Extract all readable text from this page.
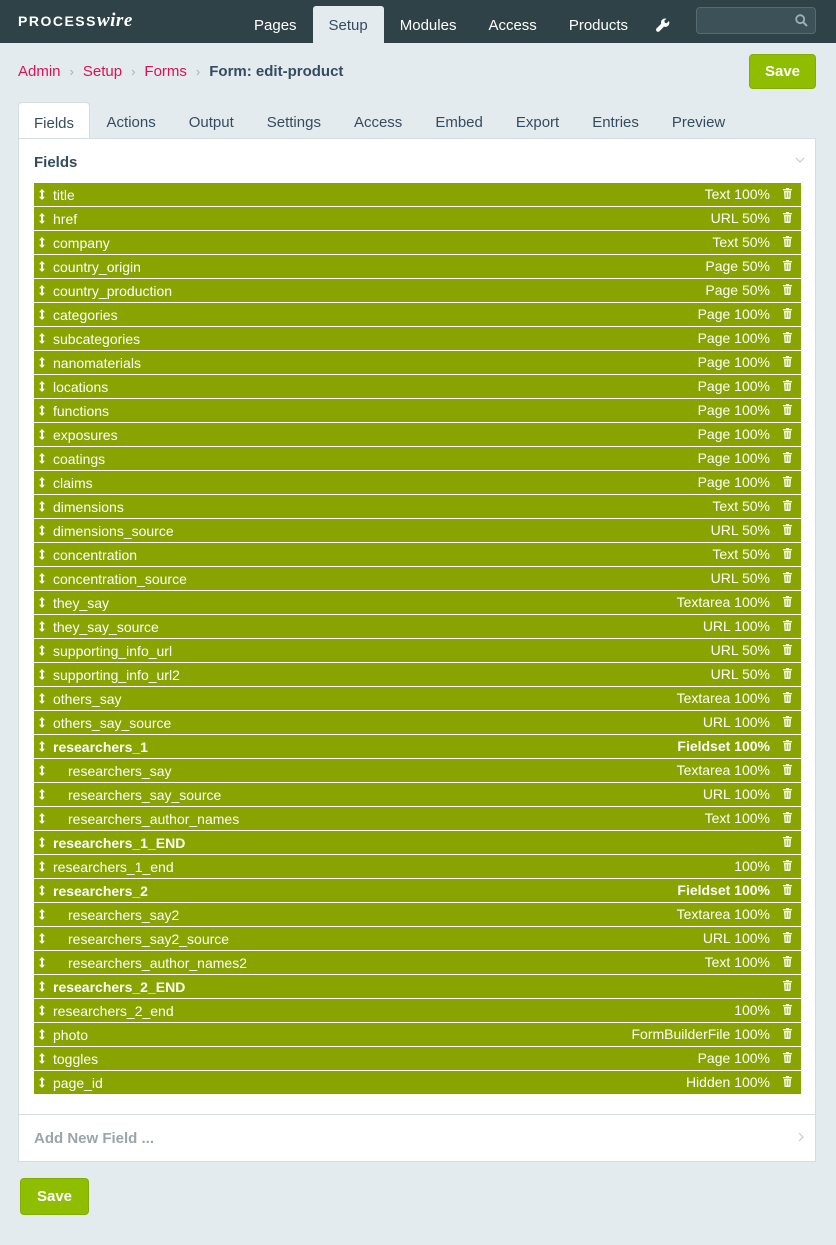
PROCESS wire	Pages	Setup	Modules	Access	Products
Admin › Setup › Forms › Form: edit-product	Save
Fields	Actions	Output	Settings	Access	Embed	Export	Entries	Preview
Fields
title	Text 100%
href	URL 50%
company	Text 50%
country_origin	Page 50%
country_production	Page 50%
categories	Page 100%
subcategories	Page 100%
nanomaterials	Page 100%
locations	Page 100%
functions	Page 100%
exposures	Page 100%
coatings	Page 100%
claims	Page 100%
dimensions	Text 50%
dimensions_source	URL 50%
concentration	Text 50%
concentration_source	URL 50%
they_say	Textarea 100%
they_say_source	URL 100%
supporting_info_url	URL 50%
supporting_info_url2	URL 50%
others_say	Textarea 100%
others_say_source	URL 100%
researchers_1	Fieldset 100%
researchers_say	Textarea 100%
researchers_say_source	URL 100%
researchers_author_names	Text 100%
researchers_1_END
researchers_1_end	100%
researchers_2	Fieldset 100%
researchers_say2	Textarea 100%
researchers_say2_source	URL 100%
researchers_author_names2	Text 100%
researchers_2_END
researchers_2_end	100%
photo	FormBuilderFile 100%
toggles	Page 100%
page_id	Hidden 100%
Add New Field ...
Save
